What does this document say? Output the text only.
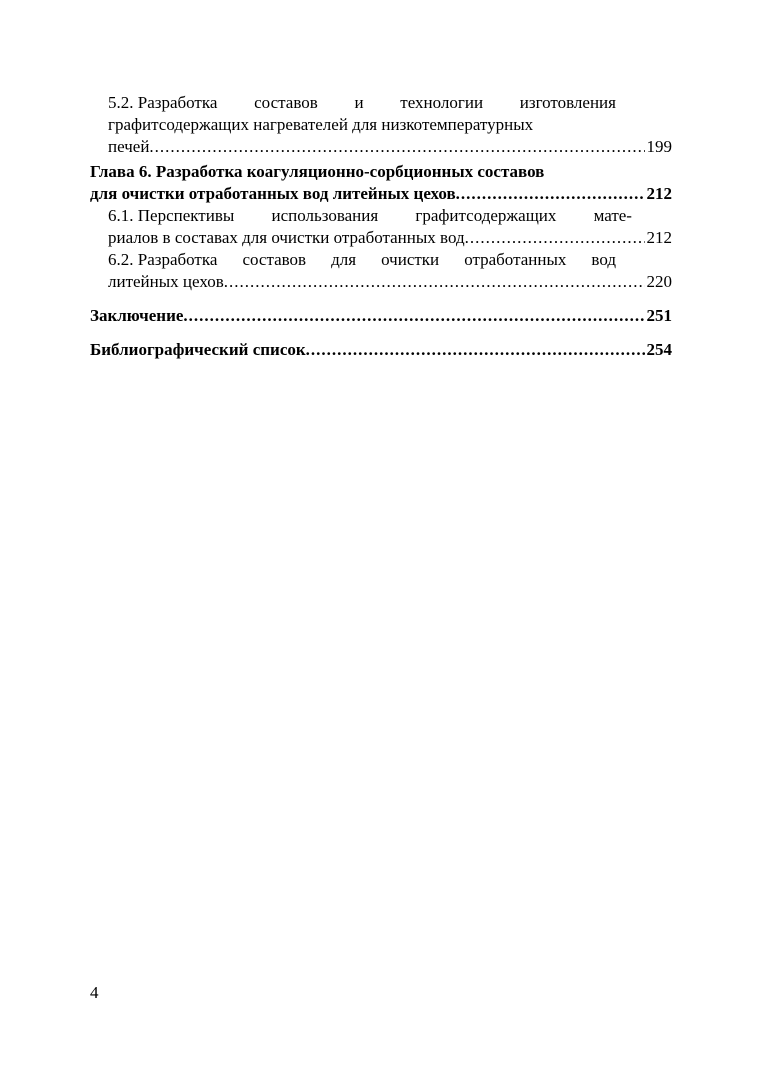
5.2. Разработка составов и технологии изготовления
графитсодержащих нагревателей для низкотемпературных
печей .....	199
Глава 6. Разработка коагуляционно-сорбционных составов
для очистки отработанных вод литейных цехов .....	212
6.1. Перспективы использования графитсодержащих мате-
риалов в составах для очистки отработанных вод .....	212
6.2. Разработка составов для очистки отработанных вод
литейных цехов .....	220
Заключение .....	251
Библиографический список .....	254
4
